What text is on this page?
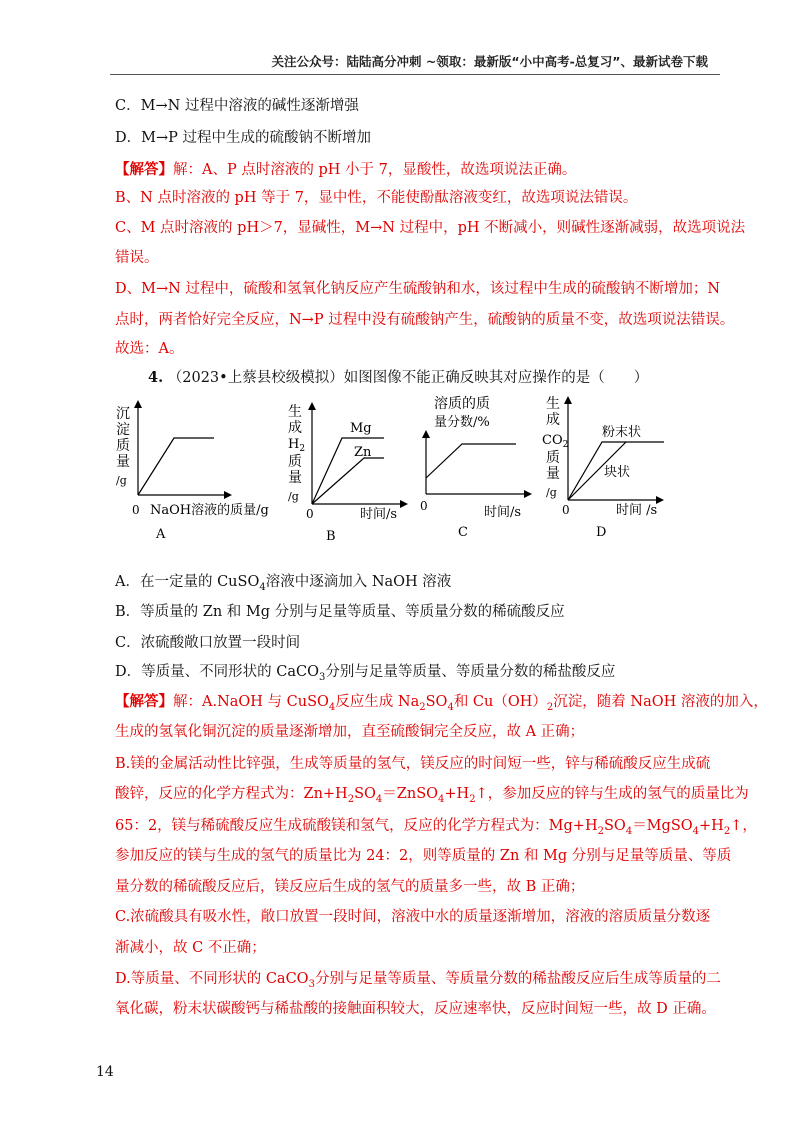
关注公众号：陆陆高分冲刺 ~领取：最新版“小中高考-总复习”、最新试卷下载
C．M→N 过程中溶液的碱性逐渐增强
D．M→P 过程中生成的硫酸钠不断增加
【解答】解：A、P 点时溶液的 pH 小于 7，显酸性，故选项说法正确。
B、N 点时溶液的 pH 等于 7，显中性，不能使酚酞溶液变红，故选项说法错误。
C、M 点时溶液的 pH＞7，显碱性，M→N 过程中，pH 不断减小，则碱性逐渐减弱，故选项说法
错误。
D、M→N 过程中，硫酸和氢氧化钠反应产生硫酸钠和水，该过程中生成的硫酸钠不断增加；N
点时，两者恰好完全反应，N→P 过程中没有硫酸钠产生，硫酸钠的质量不变，故选项说法错误。
故选：A。
4. （2023•上蔡县校级模拟）如图图像不能正确反映其对应操作的是（　　）
沉
淀
质
量
/g
0 NaOH溶液的质量/g
A
Mg
Zn
生
成
$H_2$
质
量
/g
0	时间/s
B
溶质的质
量分数/%
0	时间/s
C
粉末状
块状
生
成
$CO_2$
质
量
/g
0	时间 /s
D
A．在一定量的 CuSO$_4$溶液中逐滴加入 NaOH 溶液
B．等质量的 Zn 和 Mg 分别与足量等质量、等质量分数的稀硫酸反应
C．浓硫酸敞口放置一段时间
D．等质量、不同形状的 CaCO$_3$分别与足量等质量、等质量分数的稀盐酸反应
【解答】解：A.NaOH 与 CuSO$_4$反应生成 $Na_2SO_4$和 $Cu(OH)_2$沉淀，随着 NaOH 溶液的加入，
生成的氢氧化铜沉淀的质量逐渐增加，直至硫酸铜完全反应，故 A 正确；
B.镁的金属活动性比锌强，生成等质量的氢气，镁反应的时间短一些，锌与稀硫酸反应生成硫
酸锌，反应的化学方程式为：$Zn+H_2SO_4=ZnSO_4+H_2↑$，参加反应的锌与生成的氢气的质量比为
65：2，镁与稀硫酸反应生成硫酸镁和氢气，反应的化学方程式为：$Mg+H_2SO_4=MgSO_4+H_2↑$，
参加反应的镁与生成的氢气的质量比为 24：2，则等质量的 Zn 和 Mg 分别与足量等质量、等质
量分数的稀硫酸反应后，镁反应后生成的氢气的质量多一些，故 B 正确；
C.浓硫酸具有吸水性，敞口放置一段时间，溶液中水的质量逐渐增加，溶液的溶质质量分数逐
渐减小，故 C 不正确；
D.等质量、不同形状的 CaCO$_3$分别与足量等质量、等质量分数的稀盐酸反应后生成等质量的二
氧化碳，粉末状碳酸钙与稀盐酸的接触面积较大，反应速率快，反应时间短一些，故 D 正确。
14
